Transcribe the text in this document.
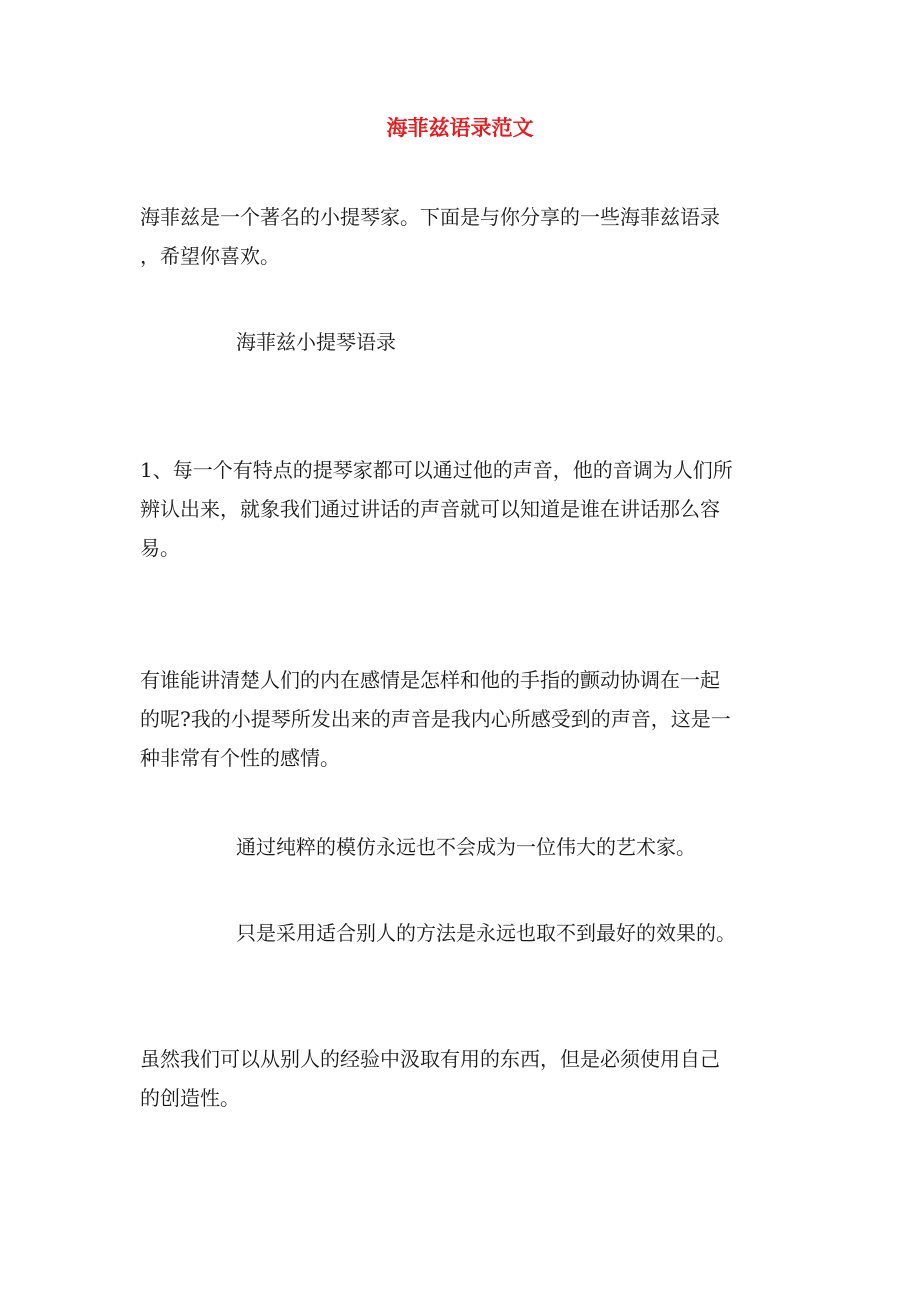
海菲兹语录范文
海菲兹是一个著名的小提琴家。下面是与你分享的一些海菲兹语录
，希望你喜欢。
海菲兹小提琴语录
1、每一个有特点的提琴家都可以通过他的声音，他的音调为人们所
辨认出来，就象我们通过讲话的声音就可以知道是谁在讲话那么容
易。
有谁能讲清楚人们的内在感情是怎样和他的手指的颤动协调在一起
的呢?我的小提琴所发出来的声音是我内心所感受到的声音，这是一
种非常有个性的感情。
通过纯粹的模仿永远也不会成为一位伟大的艺术家。
只是采用适合别人的方法是永远也取不到最好的效果的。
虽然我们可以从别人的经验中汲取有用的东西，但是必须使用自己
的创造性。
